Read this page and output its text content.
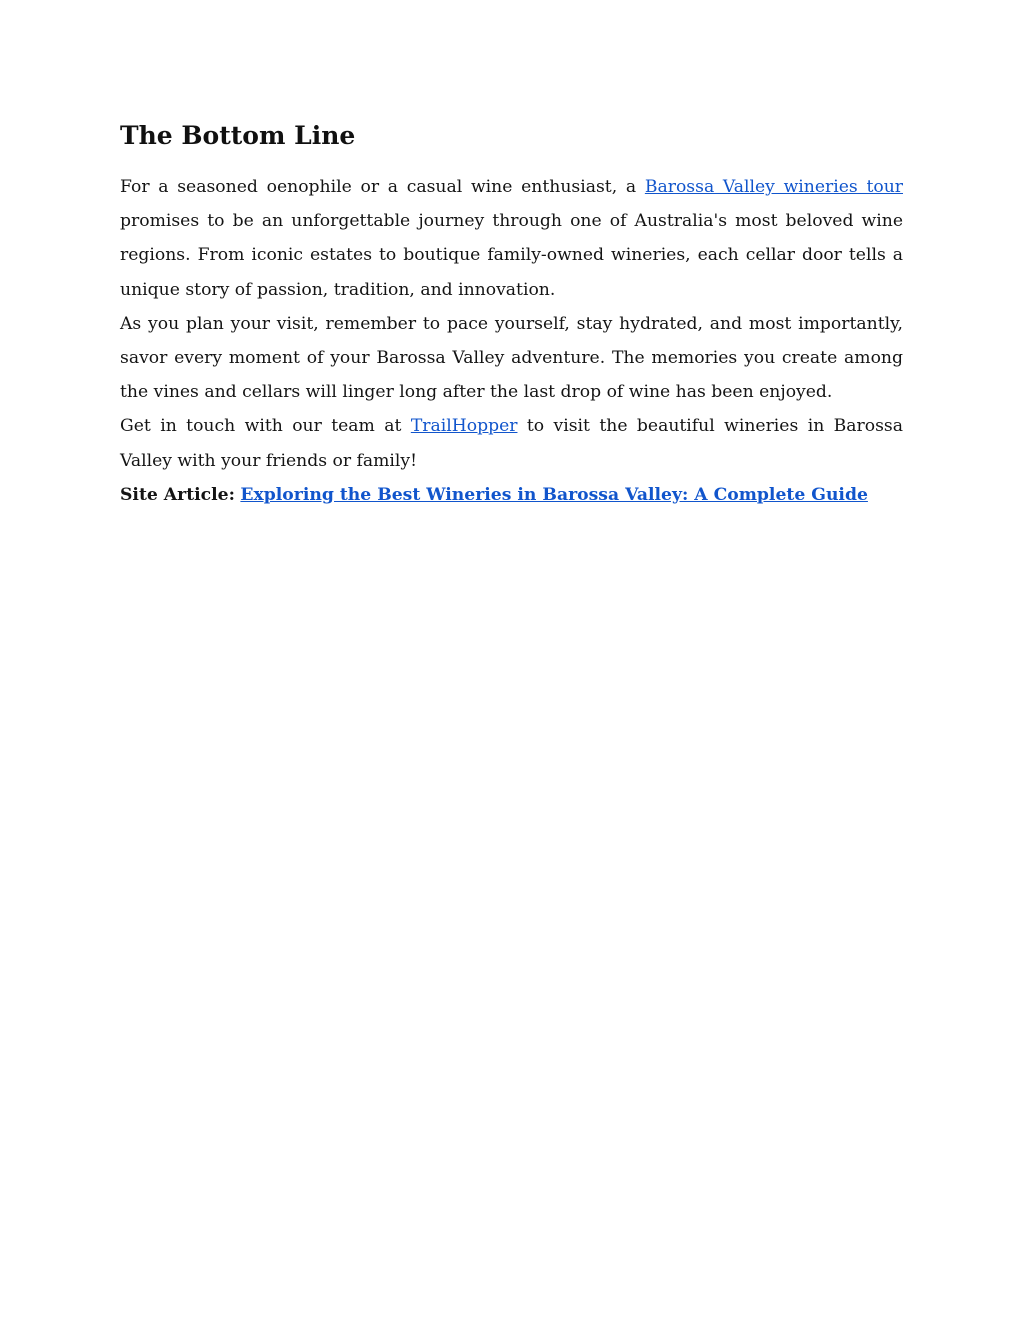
The Bottom Line

For a seasoned oenophile or a casual wine enthusiast, a Barossa Valley wineries tour promises to be an unforgettable journey through one of Australia's most beloved wine regions. From iconic estates to boutique family-owned wineries, each cellar door tells a unique story of passion, tradition, and innovation.

As you plan your visit, remember to pace yourself, stay hydrated, and most importantly, savor every moment of your Barossa Valley adventure. The memories you create among the vines and cellars will linger long after the last drop of wine has been enjoyed.

Get in touch with our team at TrailHopper to visit the beautiful wineries in Barossa Valley with your friends or family!

Site Article: Exploring the Best Wineries in Barossa Valley: A Complete Guide
